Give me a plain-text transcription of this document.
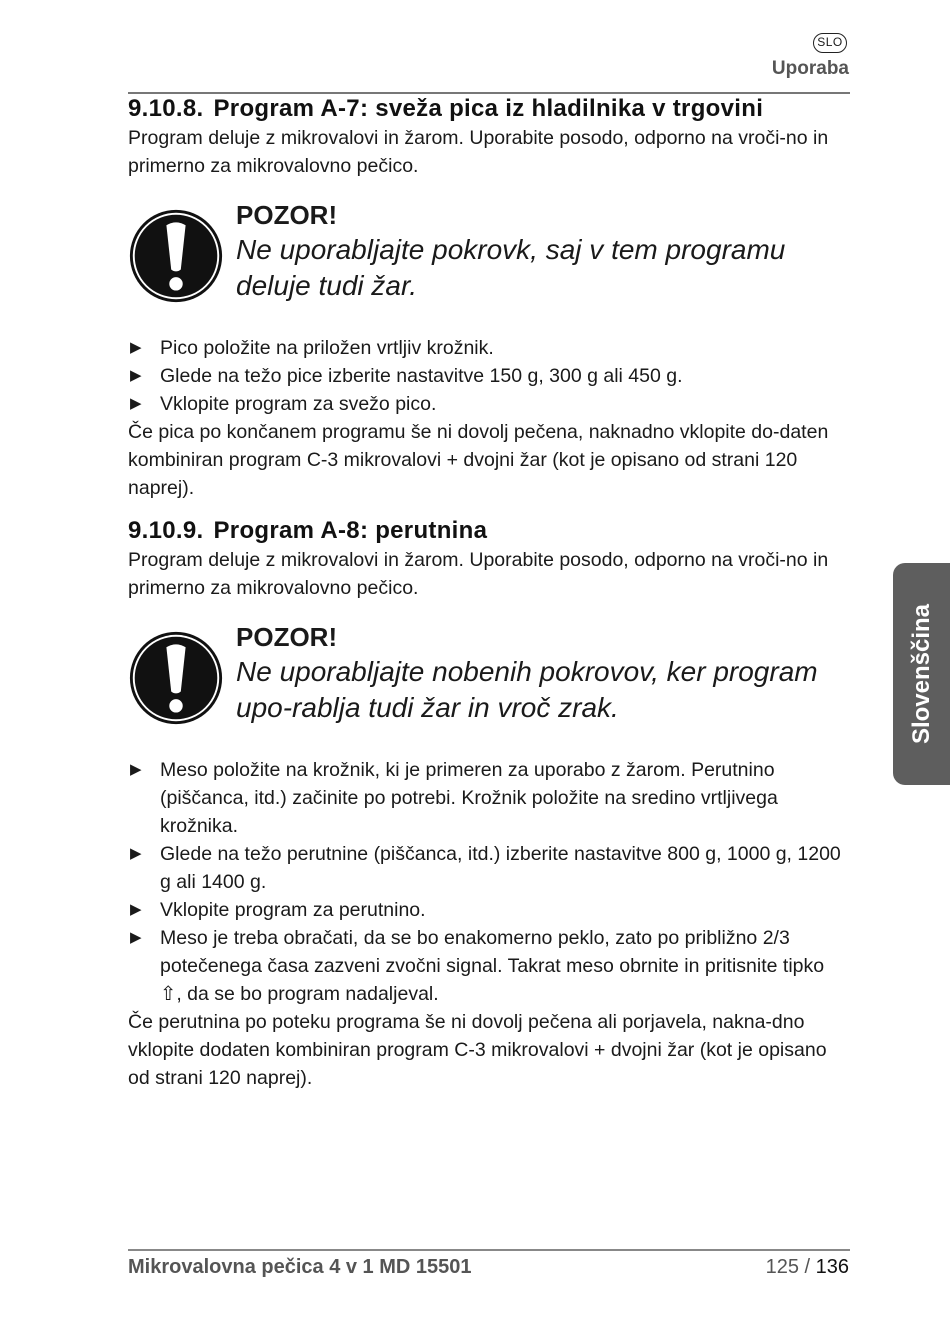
SLO
Uporaba
9.10.8. Program A-7: sveža pica iz hladilnika v trgovini

Program deluje z mikrovalovi in žarom. Uporabite posodo, odporno na vroči-no in primerno za mikrovalovno pečico.

POZOR!
Ne uporabljajte pokrovk, saj v tem programu deluje tudi žar.
▶ Pico položite na priložen vrtljiv krožnik.
▶ Glede na težo pice izberite nastavitve 150 g, 300 g ali 450 g.
▶ Vklopite program za svežo pico.

Če pica po končanem programu še ni dovolj pečena, naknadno vklopite do-daten kombiniran program C-3 mikrovalovi + dvojni žar (kot je opisano od strani 120 naprej).

9.10.9. Program A-8: perutnina

Program deluje z mikrovalovi in žarom. Uporabite posodo, odporno na vroči-no in primerno za mikrovalovno pečico.

POZOR!
Ne uporabljajte nobenih pokrovov, ker program upo-rablja tudi žar in vroč zrak.
▶ Meso položite na krožnik, ki je primeren za uporabo z žarom. Perutnino (piščanca, itd.) začinite po potrebi. Krožnik položite na sredino vrtljivega krožnika.
▶ Glede na težo perutnine (piščanca, itd.) izberite nastavitve 800 g, 1000 g, 1200 g ali 1400 g.
▶ Vklopite program za perutnino.
▶ Meso je treba obračati, da se bo enakomerno peklo, zato po približno 2/3 potečenega časa zazveni zvočni signal. Takrat meso obrnite in pritisnite tipko ⇧, da se bo program nadaljeval.

Če perutnina po poteku programa še ni dovolj pečena ali porjavela, nakna-dno vklopite dodaten kombiniran program C-3 mikrovalovi + dvojni žar (kot je opisano od strani 120 naprej).

Slovenščina
Mikrovalovna pečica 4 v 1 MD 15501	125 / 136
